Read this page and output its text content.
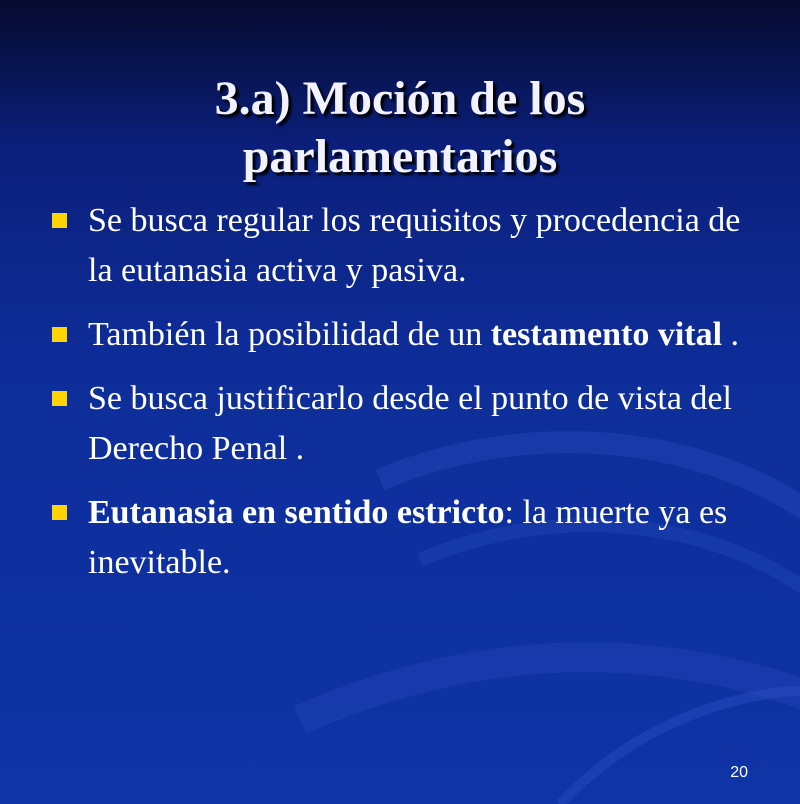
3.a) Moción de los
parlamentarios
Se busca regular los requisitos y procedencia de la eutanasia activa y pasiva.
También la posibilidad de un testamento vital .
Se busca justificarlo desde el punto de vista del Derecho Penal .
Eutanasia en sentido estricto: la muerte ya es inevitable.
20
